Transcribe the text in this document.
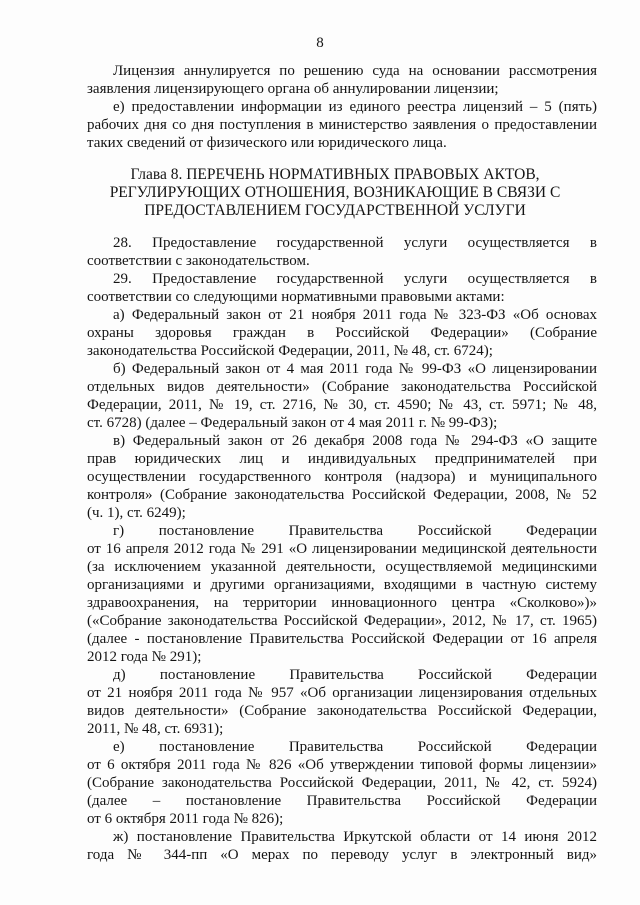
8
Лицензия аннулируется по решению суда на основании рассмотрения
заявления лицензирующего органа об аннулировании лицензии;
е) предоставлении информации из единого реестра лицензий – 5 (пять)
рабочих дня со дня поступления в министерство заявления о предоставлении
таких сведений от физического или юридического лица.
Глава 8. ПЕРЕЧЕНЬ НОРМАТИВНЫХ ПРАВОВЫХ АКТОВ,
РЕГУЛИРУЮЩИХ ОТНОШЕНИЯ, ВОЗНИКАЮЩИЕ В СВЯЗИ С
ПРЕДОСТАВЛЕНИЕМ ГОСУДАРСТВЕННОЙ УСЛУГИ
28. Предоставление государственной услуги осуществляется в
соответствии с законодательством.
29. Предоставление государственной услуги осуществляется в
соответствии со следующими нормативными правовыми актами:
а) Федеральный закон от 21 ноября 2011 года № 323-ФЗ «Об основах
охраны здоровья граждан в Российской Федерации» (Собрание
законодательства Российской Федерации, 2011, № 48, ст. 6724);
б) Федеральный закон от 4 мая 2011 года № 99-ФЗ «О лицензировании
отдельных видов деятельности» (Собрание законодательства Российской
Федерации, 2011, № 19, ст. 2716, № 30, ст. 4590; № 43, ст. 5971; № 48,
ст. 6728) (далее – Федеральный закон от 4 мая 2011 г. № 99-ФЗ);
в) Федеральный закон от 26 декабря 2008 года № 294-ФЗ «О защите
прав юридических лиц и индивидуальных предпринимателей при
осуществлении государственного контроля (надзора) и муниципального
контроля» (Собрание законодательства Российской Федерации, 2008, № 52
(ч. 1), ст. 6249);
г) постановление Правительства Российской Федерации
от 16 апреля 2012 года № 291 «О лицензировании медицинской деятельности
(за исключением указанной деятельности, осуществляемой медицинскими
организациями и другими организациями, входящими в частную систему
здравоохранения, на территории инновационного центра «Сколково»)»
(«Собрание законодательства Российской Федерации», 2012, № 17, ст. 1965)
(далее - постановление Правительства Российской Федерации от 16 апреля
2012 года № 291);
д) постановление Правительства Российской Федерации
от 21 ноября 2011 года № 957 «Об организации лицензирования отдельных
видов деятельности» (Собрание законодательства Российской Федерации,
2011, № 48, ст. 6931);
е) постановление Правительства Российской Федерации
от 6 октября 2011 года № 826 «Об утверждении типовой формы лицензии»
(Собрание законодательства Российской Федерации, 2011, № 42, ст. 5924)
(далее – постановление Правительства Российской Федерации
от 6 октября 2011 года № 826);
ж) постановление Правительства Иркутской области от 14 июня 2012
года № 344-пп «О мерах по переводу услуг в электронный вид»
